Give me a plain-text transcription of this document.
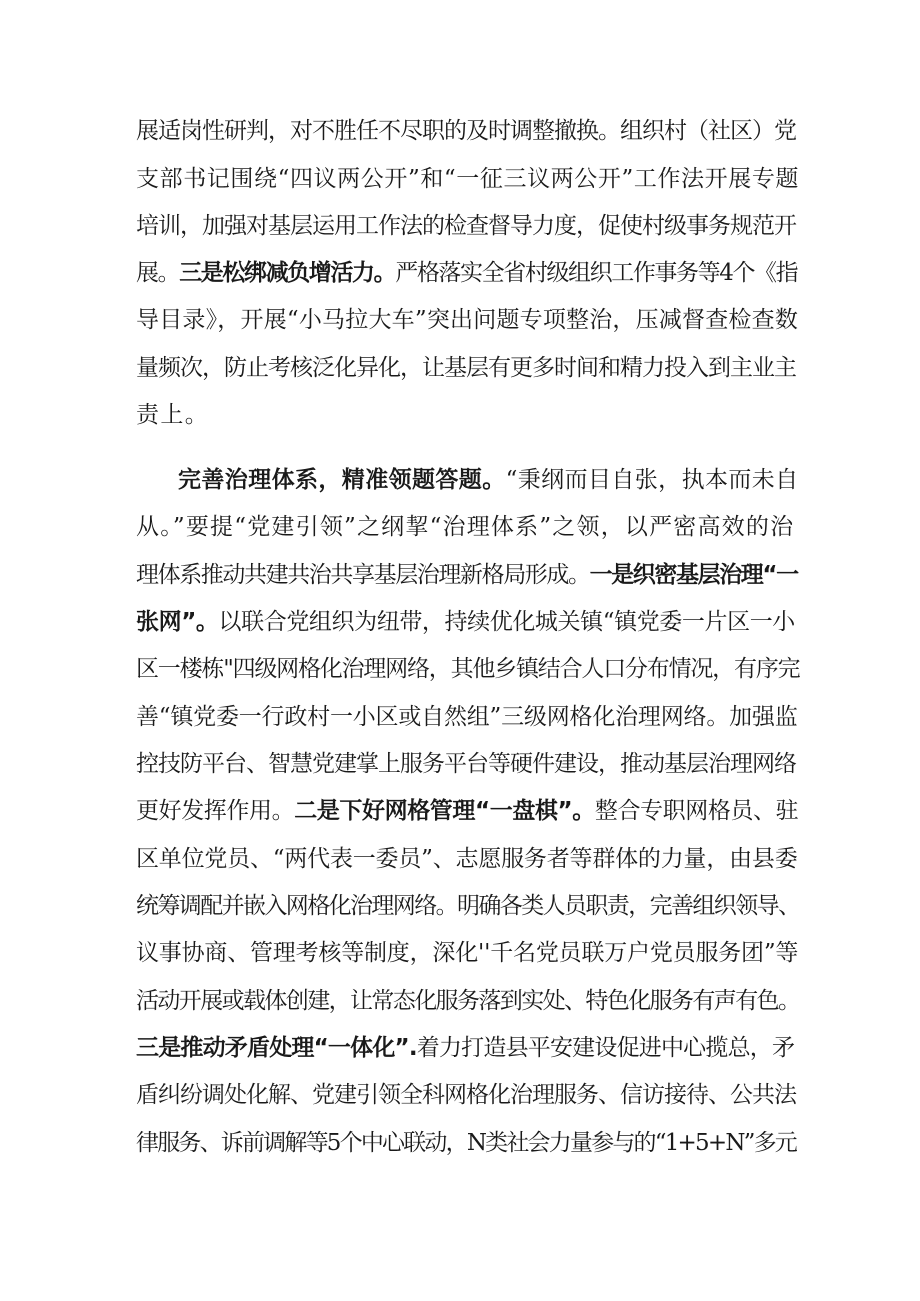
展适岗性研判，对不胜任不尽职的及时调整撤换。组织村（社区）党
支部书记围绕“四议两公开”和“一征三议两公开”工作法开展专题
培训，加强对基层运用工作法的检查督导力度，促使村级事务规范开
展。三是松绑减负增活力。严格落实全省村级组织工作事务等4个《指
导目录》，开展“小马拉大车”突出问题专项整治，压减督查检查数
量频次，防止考核泛化异化，让基层有更多时间和精力投入到主业主
责上。
完善治理体系，精准领题答题。“秉纲而目自张，执本而未自
从。”要提“党建引领”之纲挈“治理体系”之领，以严密高效的治
理体系推动共建共治共享基层治理新格局形成。一是织密基层治理“一
张网”。以联合党组织为纽带，持续优化城关镇“镇党委一片区一小
区一楼栋"四级网格化治理网络，其他乡镇结合人口分布情况，有序完
善“镇党委一行政村一小区或自然组”三级网格化治理网络。加强监
控技防平台、智慧党建掌上服务平台等硬件建设，推动基层治理网络
更好发挥作用。二是下好网格管理“一盘棋”。整合专职网格员、驻
区单位党员、“两代表一委员”、志愿服务者等群体的力量，由县委
统筹调配并嵌入网格化治理网络。明确各类人员职责，完善组织领导、
议事协商、管理考核等制度，深化''千名党员联万户党员服务团”等
活动开展或载体创建，让常态化服务落到实处、特色化服务有声有色。
三是推动矛盾处理“一体化”.着力打造县平安建设促进中心揽总，矛
盾纠纷调处化解、党建引领全科网格化治理服务、信访接待、公共法
律服务、诉前调解等5个中心联动，N类社会力量参与的“1+5+N”多元
